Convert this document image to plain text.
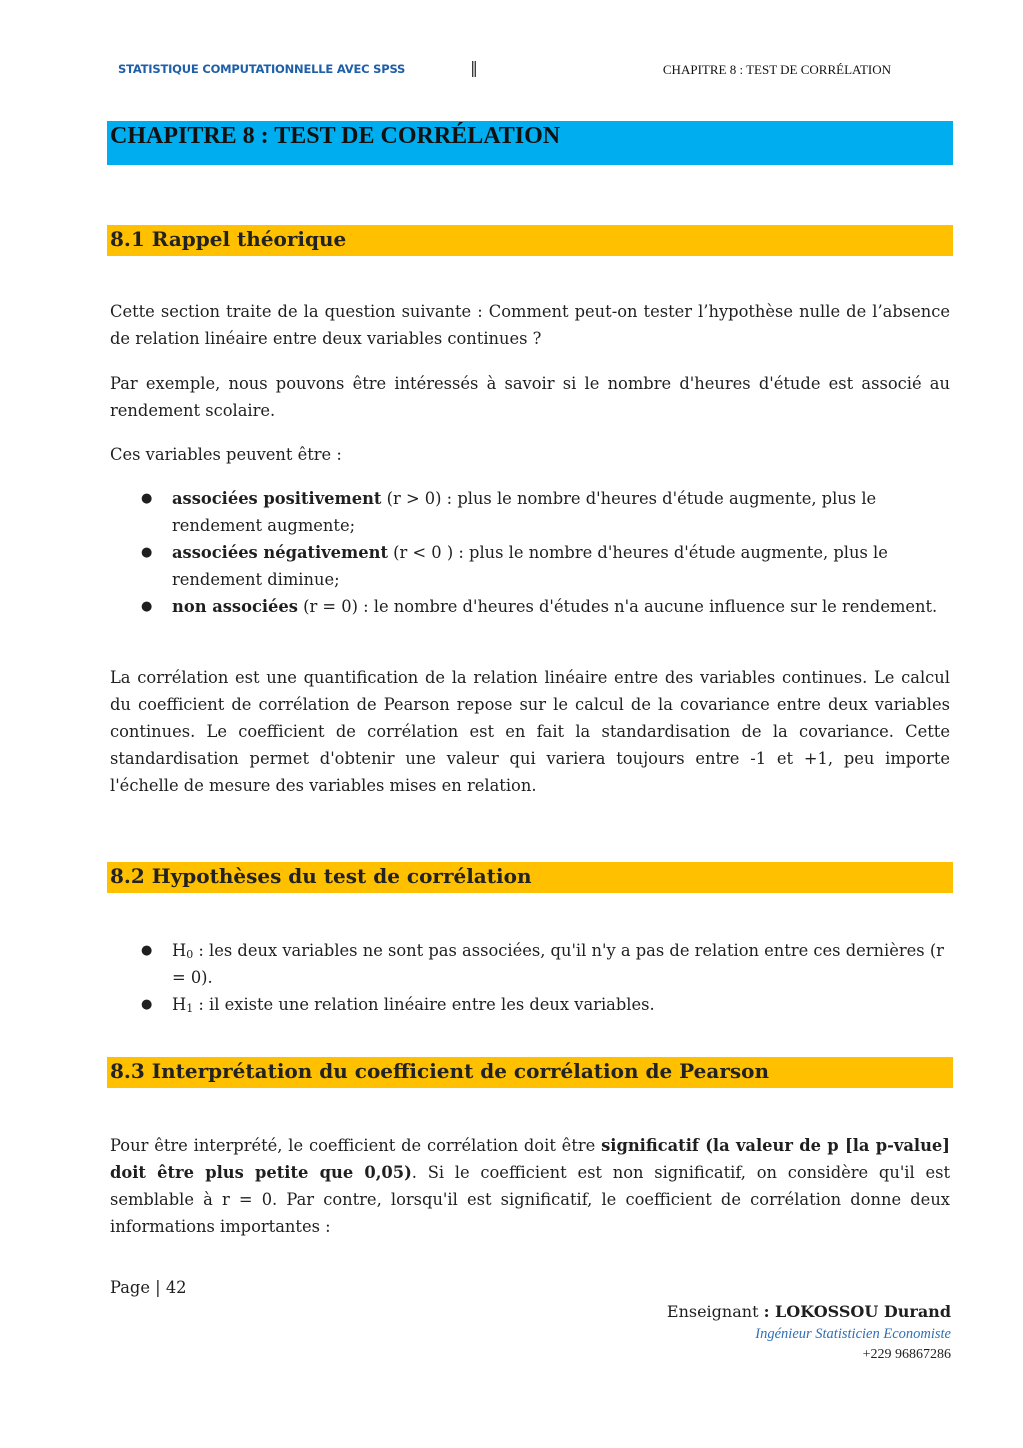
STATISTIQUE COMPUTATIONNELLE AVEC SPSS	‖	CHAPITRE 8 : TEST DE CORRÉLATION
CHAPITRE 8 : TEST DE CORRÉLATION
8.1 Rappel théorique
Cette section traite de la question suivante : Comment peut-on tester l’hypothèse nulle de l’absence de relation linéaire entre deux variables continues ?
Par exemple, nous pouvons être intéressés à savoir si le nombre d'heures d'étude est associé au rendement scolaire.
Ces variables peuvent être :
● associées positivement (r > 0) : plus le nombre d'heures d'étude augmente, plus le rendement augmente;
● associées négativement (r < 0 ) : plus le nombre d'heures d'étude augmente, plus le rendement diminue;
● non associées (r = 0) : le nombre d'heures d'études n'a aucune influence sur le rendement.
La corrélation est une quantification de la relation linéaire entre des variables continues. Le calcul du coefficient de corrélation de Pearson repose sur le calcul de la covariance entre deux variables continues. Le coefficient de corrélation est en fait la standardisation de la covariance. Cette standardisation permet d'obtenir une valeur qui variera toujours entre -1 et +1, peu importe l'échelle de mesure des variables mises en relation.
8.2 Hypothèses du test de corrélation
● $H_0$ : les deux variables ne sont pas associées, qu'il n'y a pas de relation entre ces dernières (r = 0).
● $H_1$ : il existe une relation linéaire entre les deux variables.
8.3 Interprétation du coefficient de corrélation de Pearson
Pour être interprété, le coefficient de corrélation doit être significatif (la valeur de p [la p-value] doit être plus petite que 0,05). Si le coefficient est non significatif, on considère qu'il est semblable à r = 0. Par contre, lorsqu'il est significatif, le coefficient de corrélation donne deux informations importantes :
Page | 42
Enseignant : LOKOSSOU Durand
Ingénieur Statisticien Economiste
+229 96867286
